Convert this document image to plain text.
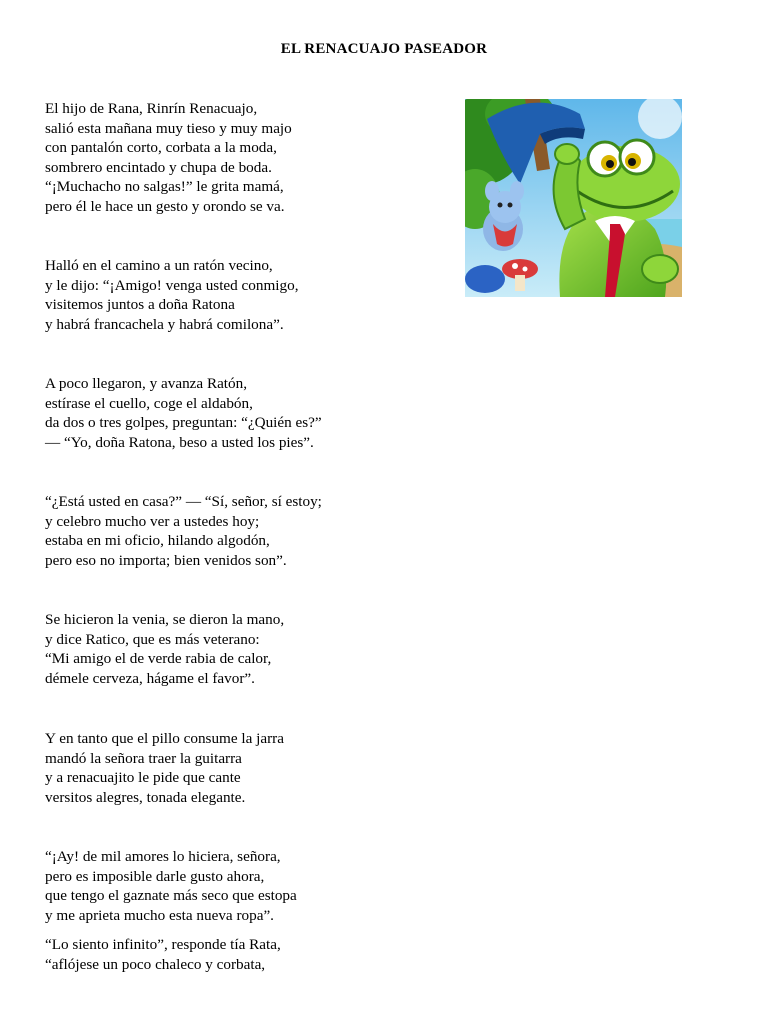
EL RENACUAJO PASEADOR
El hijo de Rana, Rinrín Renacuajo,
salió esta mañana muy tieso y muy majo
con pantalón corto, corbata a la moda,
sombrero encintado y chupa de boda.
“¡Muchacho no salgas!” le grita mamá,
pero él le hace un gesto y orondo se va.
Halló en el camino a un ratón vecino,
y le dijo: “¡Amigo! venga usted conmigo,
visitemos juntos a doña Ratona
y habrá francachela y habrá comilona”.
A poco llegaron, y avanza Ratón,
estírase el cuello, coge el aldabón,
da dos o tres golpes, preguntan: “¿Quién es?”
— “Yo, doña Ratona, beso a usted los pies”.
“¿Está usted en casa?” — “Sí, señor, sí estoy;
y celebro mucho ver a ustedes hoy;
estaba en mi oficio, hilando algodón,
pero eso no importa; bien venidos son”.
Se hicieron la venia, se dieron la mano,
y dice Ratico, que es más veterano:
“Mi amigo el de verde rabia de calor,
démele cerveza, hágame el favor”.
Y en tanto que el pillo consume la jarra
mandó la señora traer la guitarra
y a renacuajito le pide que cante
versitos alegres, tonada elegante.
“¡Ay! de mil amores lo hiciera, señora,
pero es imposible darle gusto ahora,
que tengo el gaznate más seco que estopa
y me aprieta mucho esta nueva ropa”.
“Lo siento infinito”, responde tía Rata,
“aflójese un poco chaleco y corbata,
